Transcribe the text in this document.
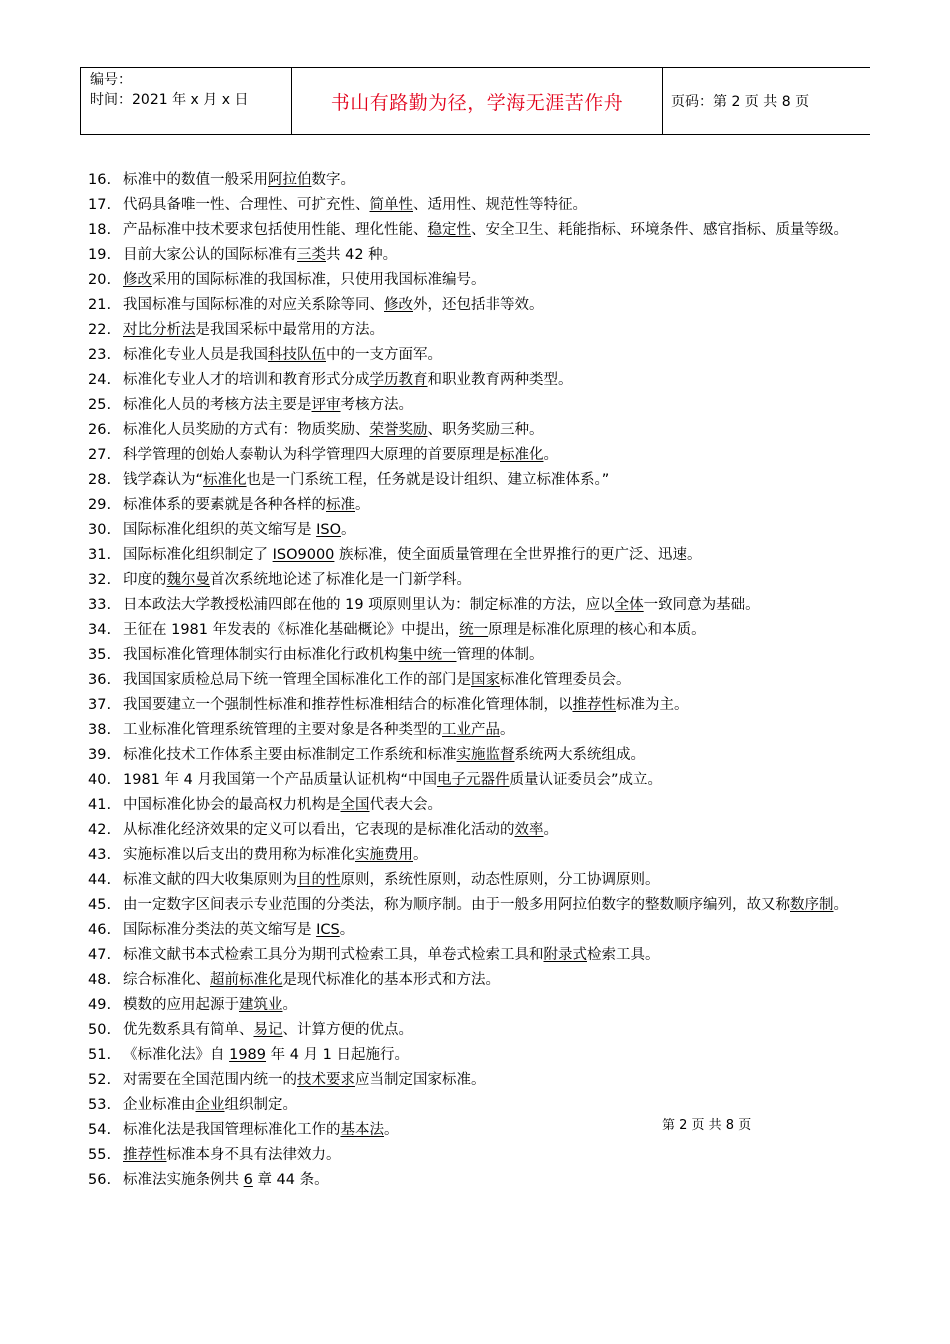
编号：
时间：2021 年 x 月 x 日	书山有路勤为径，学海无涯苦作舟	页码：第 2 页 共 8 页
16. 标准中的数值一般采用阿拉伯数字。
17. 代码具备唯一性、合理性、可扩充性、简单性、适用性、规范性等特征。
18. 产品标准中技术要求包括使用性能、理化性能、稳定性、安全卫生、耗能指标、环境条件、感官指标、质量等级。
19. 目前大家公认的国际标准有三类共 42 种。
20. 修改采用的国际标准的我国标准，只使用我国标准编号。
21. 我国标准与国际标准的对应关系除等同、修改外，还包括非等效。
22. 对比分析法是我国采标中最常用的方法。
23. 标准化专业人员是我国科技队伍中的一支方面军。
24. 标准化专业人才的培训和教育形式分成学历教育和职业教育两种类型。
25. 标准化人员的考核方法主要是评审考核方法。
26. 标准化人员奖励的方式有：物质奖励、荣誉奖励、职务奖励三种。
27. 科学管理的创始人泰勒认为科学管理四大原理的首要原理是标准化。
28. 钱学森认为“标准化也是一门系统工程，任务就是设计组织、建立标准体系。”
29. 标准体系的要素就是各种各样的标准。
30. 国际标准化组织的英文缩写是 ISO。
31. 国际标准化组织制定了 ISO9000 族标准，使全面质量管理在全世界推行的更广泛、迅速。
32. 印度的魏尔曼首次系统地论述了标准化是一门新学科。
33. 日本政法大学教授松浦四郎在他的 19 项原则里认为：制定标准的方法，应以全体一致同意为基础。
34. 王征在 1981 年发表的《标准化基础概论》中提出，统一原理是标准化原理的核心和本质。
35. 我国标准化管理体制实行由标准化行政机构集中统一管理的体制。
36. 我国国家质检总局下统一管理全国标准化工作的部门是国家标准化管理委员会。
37. 我国要建立一个强制性标准和推荐性标准相结合的标准化管理体制，以推荐性标准为主。
38. 工业标准化管理系统管理的主要对象是各种类型的工业产品。
39. 标准化技术工作体系主要由标准制定工作系统和标准实施监督系统两大系统组成。
40. 1981 年 4 月我国第一个产品质量认证机构“中国电子元器件质量认证委员会”成立。
41. 中国标准化协会的最高权力机构是全国代表大会。
42. 从标准化经济效果的定义可以看出，它表现的是标准化活动的效率。
43. 实施标准以后支出的费用称为标准化实施费用。
44. 标准文献的四大收集原则为目的性原则，系统性原则，动态性原则，分工协调原则。
45. 由一定数字区间表示专业范围的分类法，称为顺序制。由于一般多用阿拉伯数字的整数顺序编列，故又称数序制。
46. 国际标准分类法的英文缩写是 ICS。
47. 标准文献书本式检索工具分为期刊式检索工具，单卷式检索工具和附录式检索工具。
48. 综合标准化、超前标准化是现代标准化的基本形式和方法。
49. 模数的应用起源于建筑业。
50. 优先数系具有简单、易记、计算方便的优点。
51. 《标准化法》自 1989 年 4 月 1 日起施行。
52. 对需要在全国范围内统一的技术要求应当制定国家标准。
53. 企业标准由企业组织制定。
54. 标准化法是我国管理标准化工作的基本法。
55. 推荐性标准本身不具有法律效力。
56. 标准法实施条例共 6 章 44 条。
第 2 页 共 8 页
